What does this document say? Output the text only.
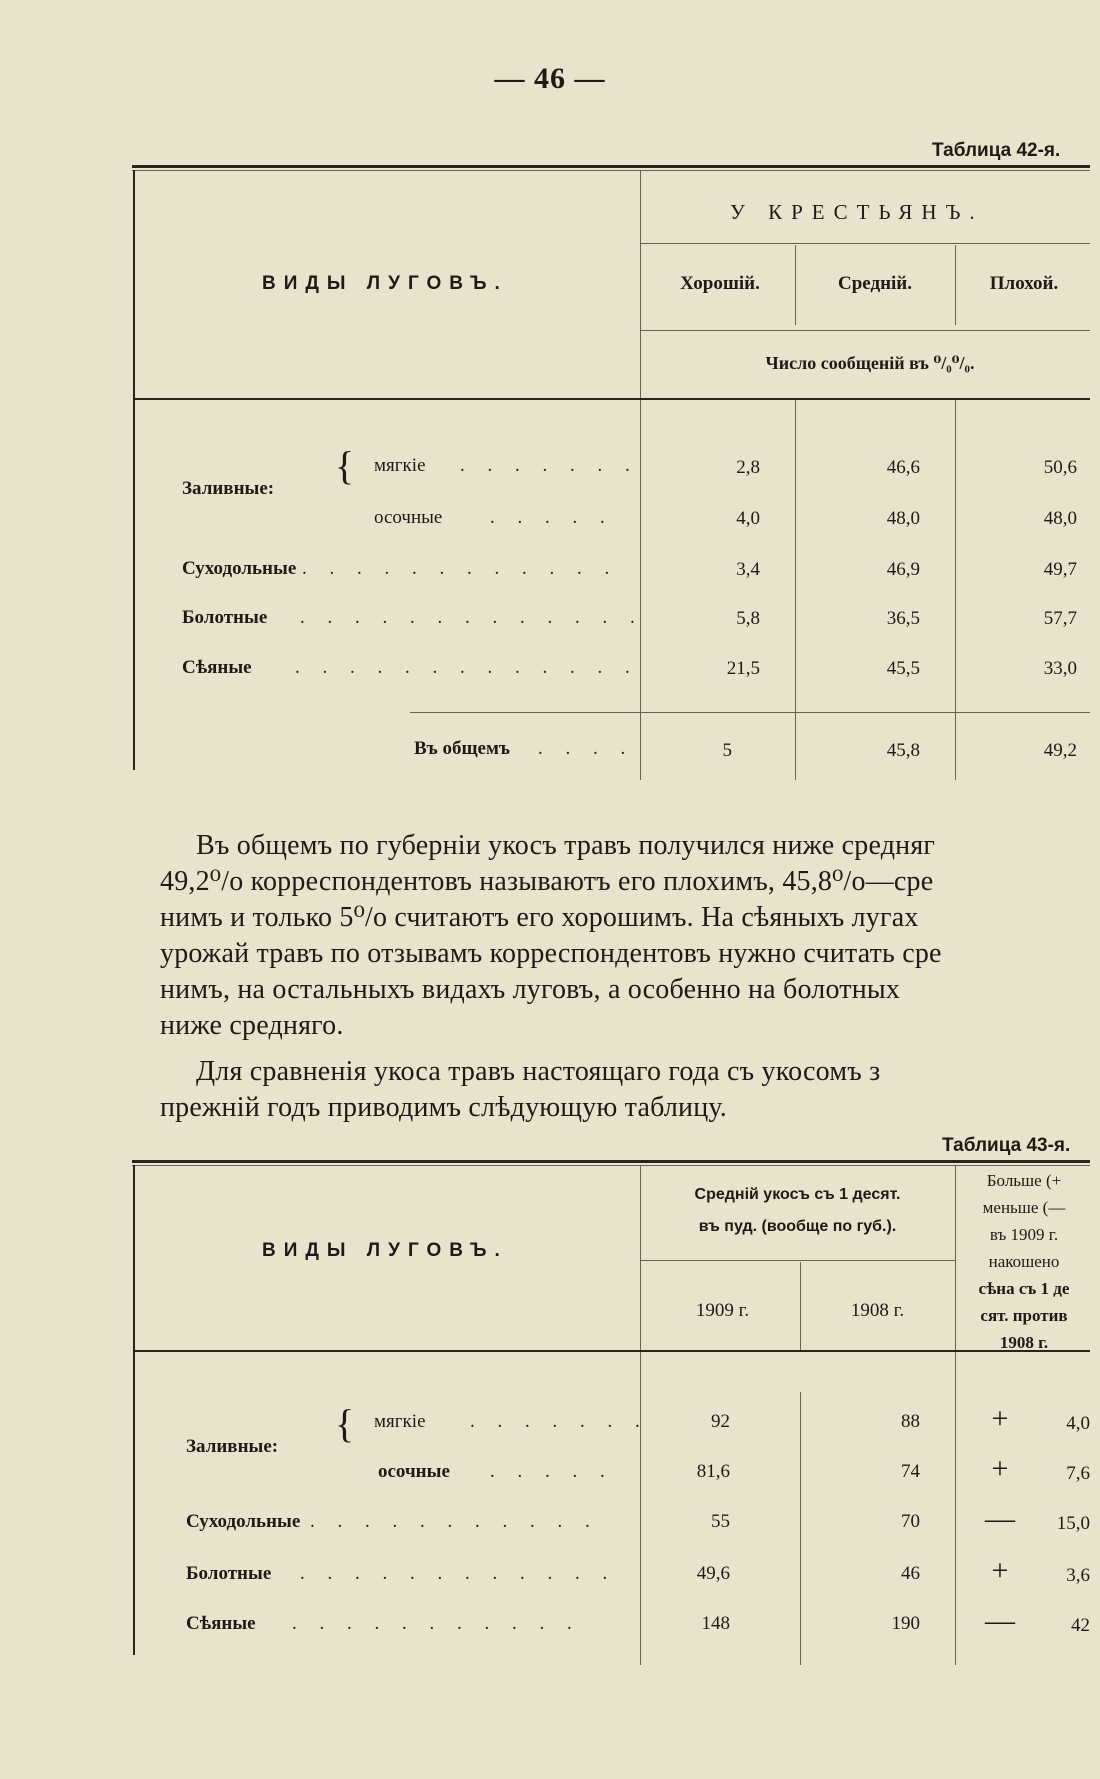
— 46 —
Таблица 42-я.
У КРЕСТЬЯНЪ.
ВИДЫ ЛУГОВЪ.	Хорошій.	Средній.	Плохой.
Число сообщеній въ ⁰/₀⁰/₀.
Заливные:
{ мягкіе . . . . . . .	2,8	46,6	50,6
осочные	. . . . .	4,0	48,0	48,0
Суходольные . . . . . . . . . . . .	3,4	46,9	49,7
Болотные . . . . . . . . . . . . .	5,8	36,5	57,7
Сѣяные . . . . . . . . . . . . .	21,5	45,5	33,0
Въ общемъ . . . .	5	45,8	49,2

Въ общемъ по губерніи укосъ травъ получился ниже средняг

49,2⁰/о корреспондентовъ называютъ его плохимъ, 45,8⁰/о—сре

нимъ и только 5⁰/о считаютъ его хорошимъ. На сѣяныхъ лугах

урожай травъ по отзывамъ корреспондентовъ нужно считать сре

нимъ, на остальныхъ видахъ луговъ, а особенно на болотных

ниже средняго.

Для сравненія укоса травъ настоящаго года съ укосомъ з

прежній годъ приводимъ слѣдующую таблицу.

Таблица 43-я.
ВИДЫ ЛУГОВЪ.
Средній укосъ съ 1 десят.
въ пуд. (вообще по губ.).
1909 г.	1908 г.
Больше (+
меньше (—
въ 1909 г.
накошено
сѣна съ 1 де
сят. против
1908 г.
Заливные:
{ мягкіе . . . . . . .	92	88	+	4,0
осочные . . . . .	81,6	74	+	7,6
Суходольные . . . . . . . . . . .	55	70 —	15,0
Болотные . . . . . . . . . . . .	49,6	46	+	3,6
Сѣяные . . . . . . . . . . .	148	190 —	42
